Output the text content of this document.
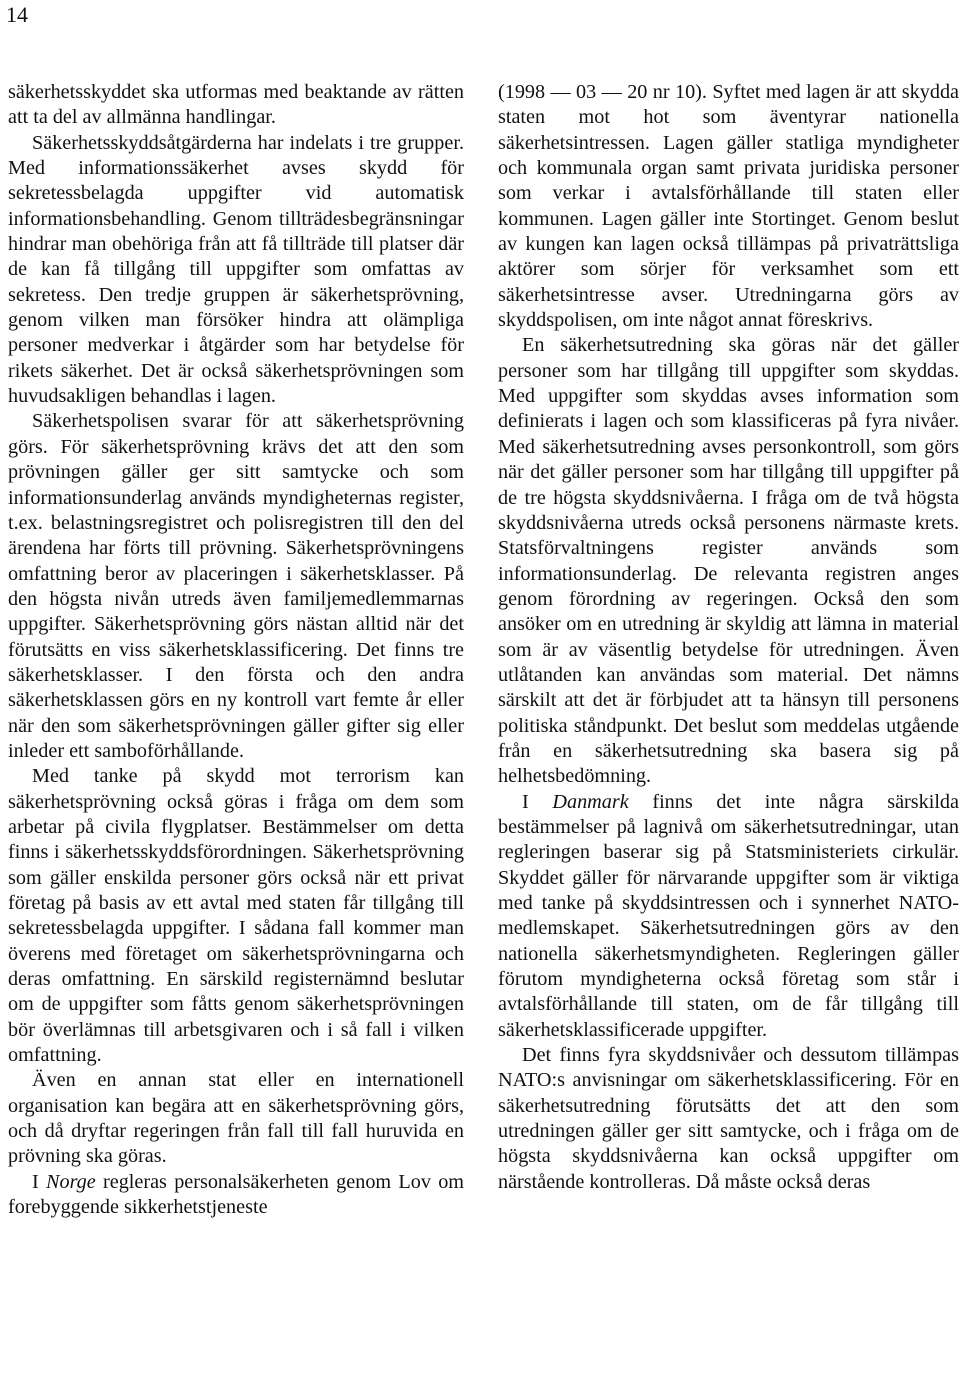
14

säkerhetsskyddet ska utformas med beaktande av rätten att ta del av allmänna handlingar.

Säkerhetsskyddsåtgärderna har indelats i tre grupper. Med informationssäkerhet avses skydd för sekretessbelagda uppgifter vid automatisk informationsbehandling. Genom tillträdesbegränsningar hindrar man obehöriga från att få tillträde till platser där de kan få tillgång till uppgifter som omfattas av sekretess. Den tredje gruppen är säkerhetsprövning, genom vilken man försöker hindra att olämpliga personer medverkar i åtgärder som har betydelse för rikets säkerhet. Det är också säkerhetsprövningen som huvudsakligen behandlas i lagen.

Säkerhetspolisen svarar för att säkerhetsprövning görs. För säkerhetsprövning krävs det att den som prövningen gäller ger sitt samtycke och som informationsunderlag används myndigheternas register, t.ex. belastningsregistret och polisregistren till den del ärendena har förts till prövning. Säkerhetsprövningens omfattning beror av placeringen i säkerhetsklasser. På den högsta nivån utreds även familjemedlemmarnas uppgifter. Säkerhetsprövning görs nästan alltid när det förutsätts en viss säkerhetsklassificering. Det finns tre säkerhetsklasser. I den första och den andra säkerhetsklassen görs en ny kontroll vart femte år eller när den som säkerhetsprövningen gäller gifter sig eller inleder ett samboförhållande.

Med tanke på skydd mot terrorism kan säkerhetsprövning också göras i fråga om dem som arbetar på civila flygplatser. Bestämmelser om detta finns i säkerhetsskyddsförordningen. Säkerhetsprövning som gäller enskilda personer görs också när ett privat företag på basis av ett avtal med staten får tillgång till sekretessbelagda uppgifter. I sådana fall kommer man överens med företaget om säkerhetsprövningarna och deras omfattning. En särskild registernämnd beslutar om de uppgifter som fåtts genom säkerhetsprövningen bör överlämnas till arbetsgivaren och i så fall i vilken omfattning.

Även en annan stat eller en internationell organisation kan begära att en säkerhetsprövning görs, och då dryftar regeringen från fall till fall huruvida en prövning ska göras.

I Norge regleras personalsäkerheten genom Lov om forebyggende sikkerhetstjeneste

(1998 — 03 — 20 nr 10). Syftet med lagen är att skydda staten mot hot som äventyrar nationella säkerhetsintressen. Lagen gäller statliga myndigheter och kommunala organ samt privata juridiska personer som verkar i avtalsförhållande till staten eller kommunen. Lagen gäller inte Stortinget. Genom beslut av kungen kan lagen också tillämpas på privaträttsliga aktörer som sörjer för verksamhet som ett säkerhetsintresse avser. Utredningarna görs av skyddspolisen, om inte något annat föreskrivs.

En säkerhetsutredning ska göras när det gäller personer som har tillgång till uppgifter som skyddas. Med uppgifter som skyddas avses information som definierats i lagen och som klassificeras på fyra nivåer. Med säkerhetsutredning avses personkontroll, som görs när det gäller personer som har tillgång till uppgifter på de tre högsta skyddsnivåerna. I fråga om de två högsta skyddsnivåerna utreds också personens närmaste krets. Statsförvaltningens register används som informationsunderlag. De relevanta registren anges genom förordning av regeringen. Också den som ansöker om en utredning är skyldig att lämna in material som är av väsentlig betydelse för utredningen. Även utlåtanden kan användas som material. Det nämns särskilt att det är förbjudet att ta hänsyn till personens politiska ståndpunkt. Det beslut som meddelas utgående från en säkerhetsutredning ska basera sig på helhetsbedömning.

I Danmark finns det inte några särskilda bestämmelser på lagnivå om säkerhetsutredningar, utan regleringen baserar sig på Statsministeriets cirkulär. Skyddet gäller för närvarande uppgifter som är viktiga med tanke på skyddsintressen och i synnerhet NATO-medlemskapet. Säkerhetsutredningen görs av den nationella säkerhetsmyndigheten. Regleringen gäller förutom myndigheterna också företag som står i avtalsförhållande till staten, om de får tillgång till säkerhetsklassificerade uppgifter.

Det finns fyra skyddsnivåer och dessutom tillämpas NATO:s anvisningar om säkerhetsklassificering. För en säkerhetsutredning förutsätts det att den som utredningen gäller ger sitt samtycke, och i fråga om de högsta skyddsnivåerna kan också uppgifter om närstående kontrolleras. Då måste också deras
